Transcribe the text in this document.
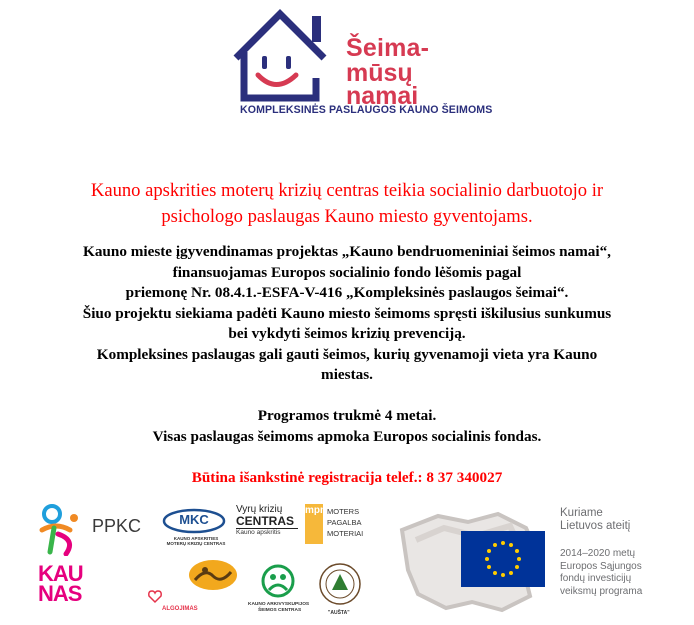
Šeima-
mūsų
namai
KOMPLEKSINĖS PASLAUGOS KAUNO ŠEIMOMS
Kauno apskrities moterų krizių centras teikia socialinio darbuotojo ir
psichologo paslaugas Kauno miesto gyventojams.
Kauno mieste įgyvendinamas projektas „Kauno bendruomeniniai šeimos namai“,
finansuojamas Europos socialinio fondo lėšomis pagal
priemonę Nr. 08.4.1.-ESFA-V-416 „Kompleksinės paslaugos šeimai“.
Šiuo projektu siekiama padėti Kauno miesto šeimoms spręsti iškilusius sunkumus
bei vykdyti šeimos krizių prevenciją.
Kompleksines paslaugas gali gauti šeimos, kurių gyvenamoji vieta yra Kauno
miestas.
Programos trukmė 4 metai.
Visas paslaugas šeimoms apmoka Europos socialinis fondas.
Būtina išankstinė registracija telef.: 8 37 340027
PPKC	MKC
KAUNO APSKRITIES MOTERŲ KRIZIŲ CENTRAS
Vyrų krizių
CENTRAS
Kauno apskritis
mpm
MOTERS
PAGALBA
MOTERIAI
KAUNAS
ALGOJIMAS
KAUNO ARKIVYSKUPIJOS
ŠEIMOS CENTRAS	"AUŠTA"
Kuriame
Lietuvos ateitį
2014–2020 metų
Europos Sąjungos
fondų investicijų
veiksmų programa
